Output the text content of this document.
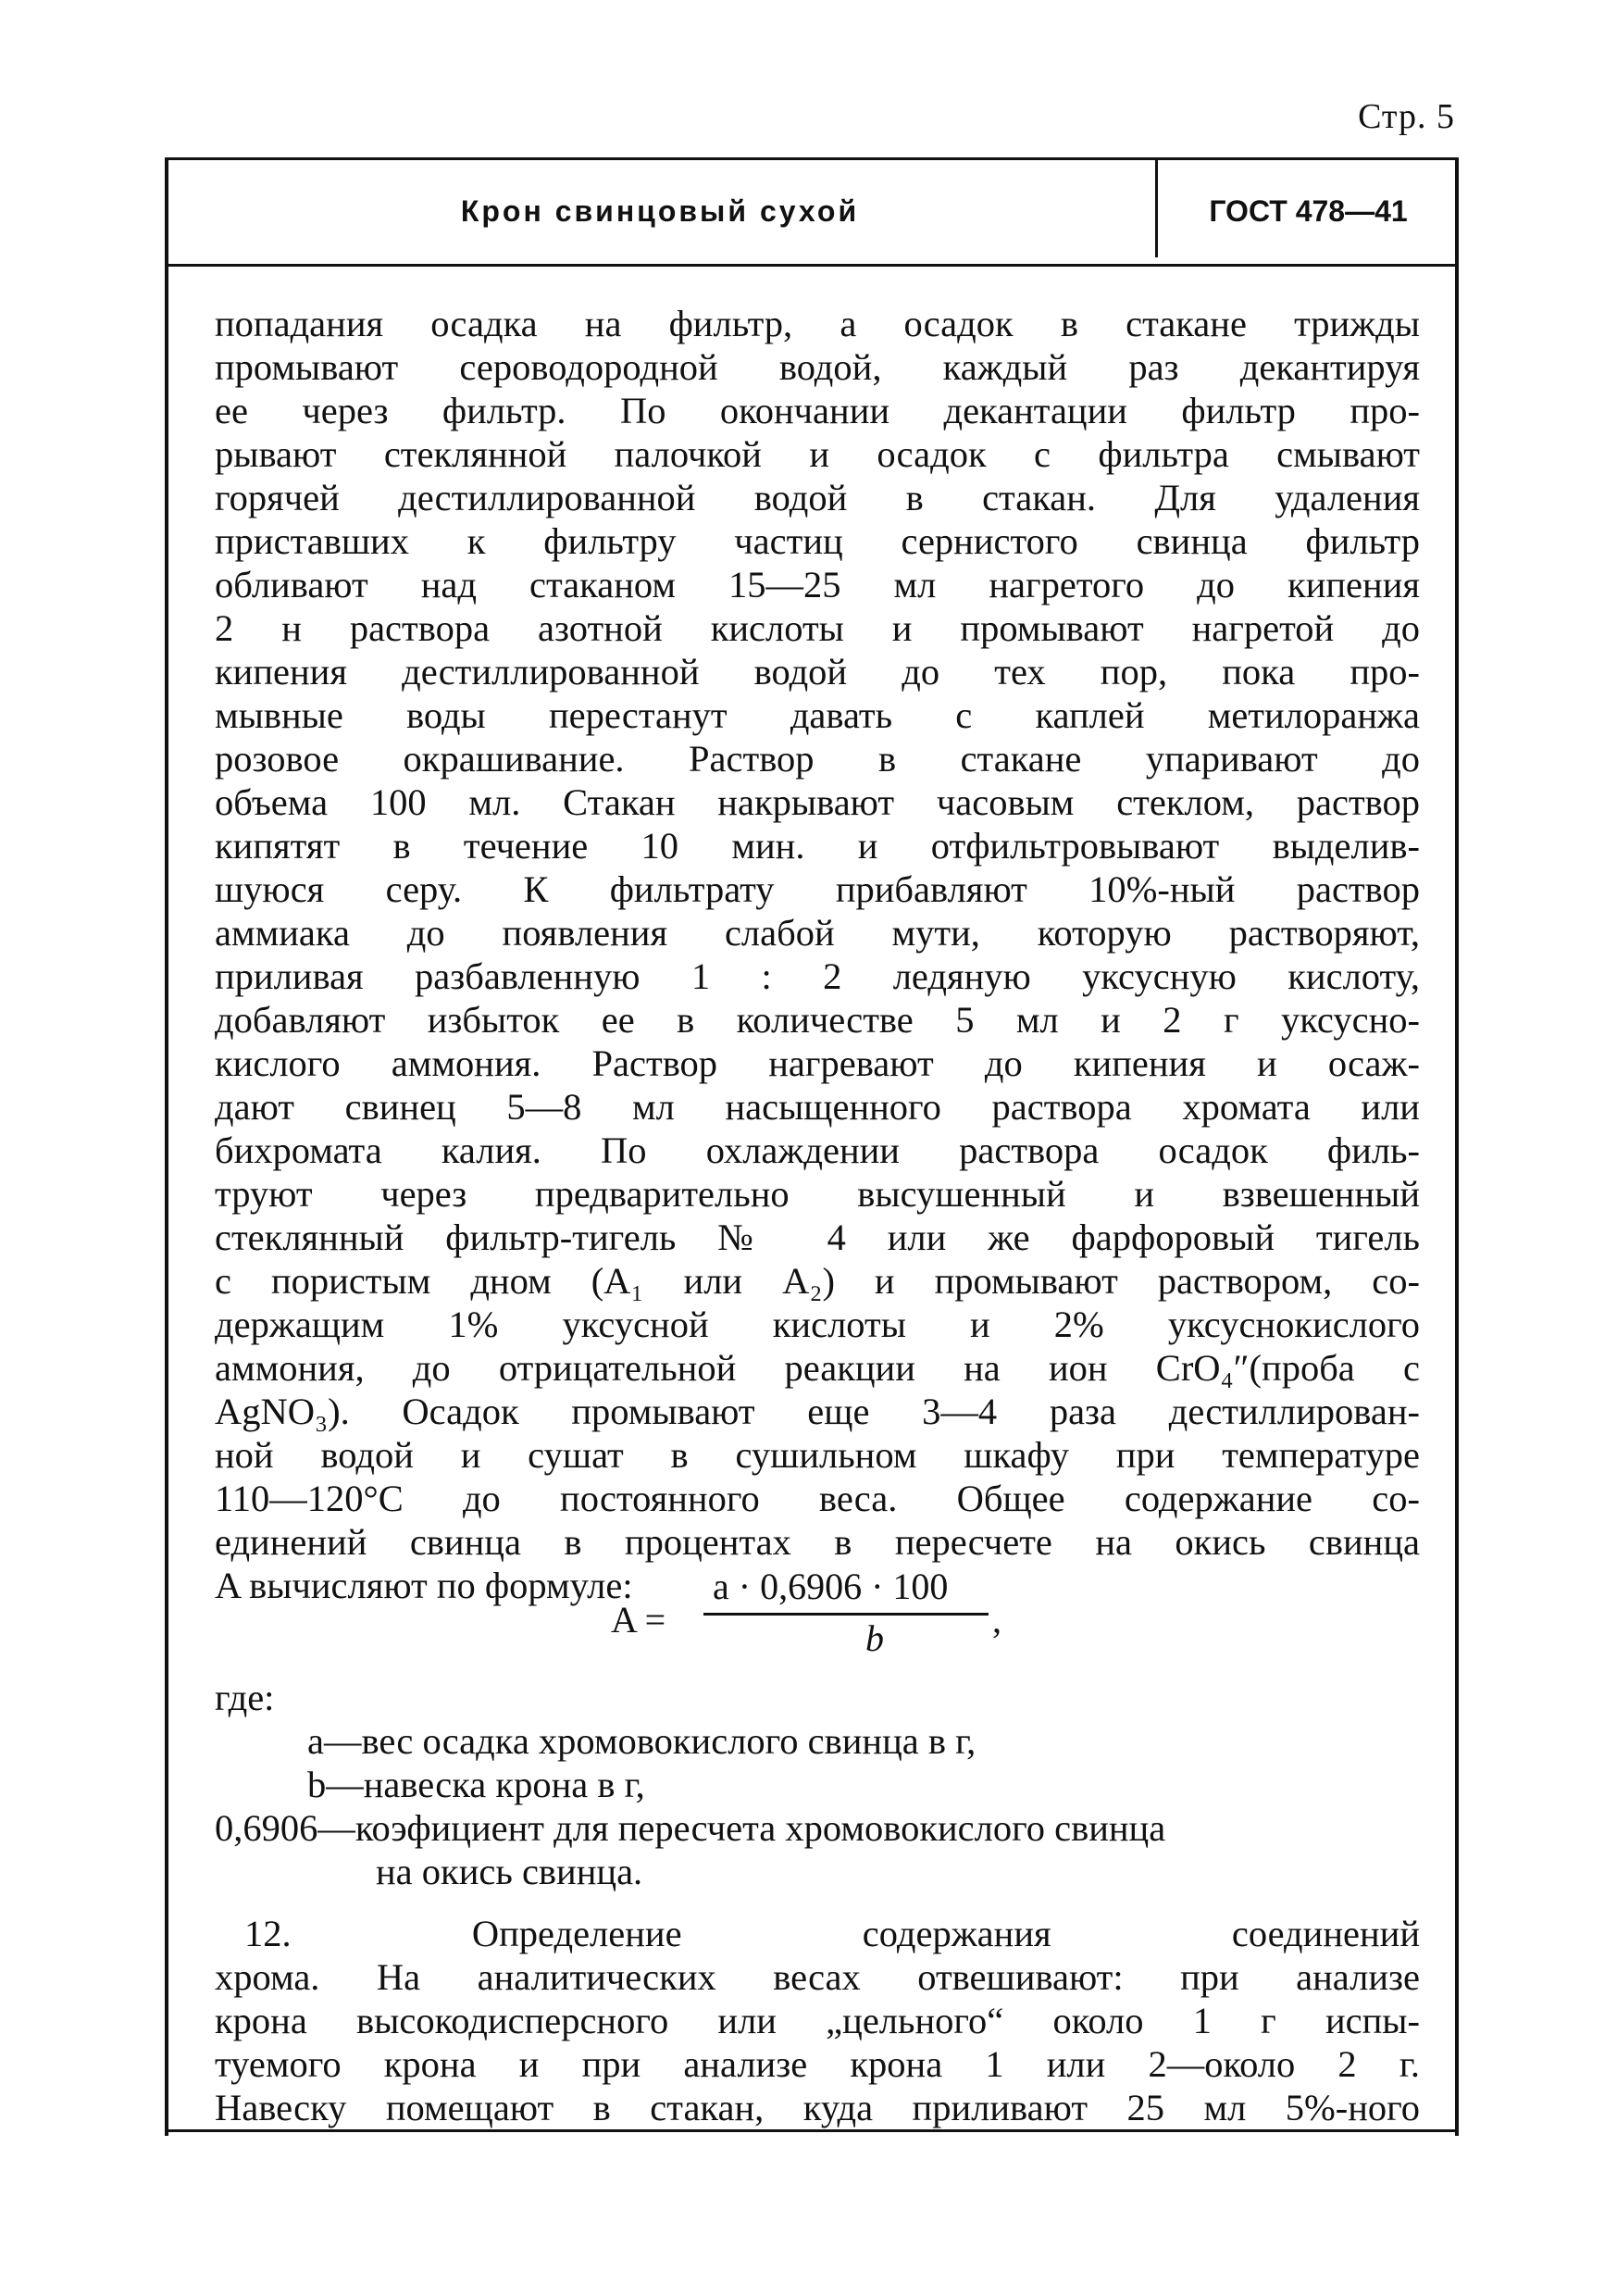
Стр. 5
Крон свинцовый сухой	ГОСТ 478—41
попадания осадка на фильтр, а осадок в стакане трижды
промывают сероводородной водой, каждый раз декантируя
ее через фильтр. По окончании декантации фильтр про-
рывают стеклянной палочкой и осадок с фильтра смывают
горячей дестиллированной водой в стакан. Для удаления
приставших к фильтру частиц сернистого свинца фильтр
обливают над стаканом 15—25 мл нагретого до кипения
2 н раствора азотной кислоты и промывают нагретой до
кипения дестиллированной водой до тех пор, пока про-
мывные воды перестанут давать с каплей метилоранжа
розовое окрашивание. Раствор в стакане упаривают до
объема 100 мл. Стакан накрывают часовым стеклом, раствор
кипятят в течение 10 мин. и отфильтровывают выделив-
шуюся серу. К фильтрату прибавляют 10%-ный раствор
аммиака до появления слабой мути, которую растворяют,
приливая разбавленную 1 : 2 ледяную уксусную кислоту,
добавляют избыток ее в количестве 5 мл и 2 г уксусно-
кислого аммония. Раствор нагревают до кипения и осаж-
дают свинец 5—8 мл насыщенного раствора хромата или
бихромата калия. По охлаждении раствора осадок филь-
труют через предварительно высушенный и взвешенный
стеклянный фильтр-тигель № 4 или же фарфоровый тигель
с пористым дном (A₁ или A₂) и промывают раствором, со-
держащим 1% уксусной кислоты и 2% уксуснокислого
аммония, до отрицательной реакции на ион CrO₄″(проба с
AgNO₃). Осадок промывают еще 3—4 раза дестиллирован-
ной водой и сушат в сушильном шкафу при температуре
110—120°C до постоянного веса. Общее содержание со-
единений свинца в процентах в пересчете на окись свинца
A вычисляют по формуле:
A =
a · 0,6906 · 100
b	,
где:
a—вес осадка хромовокислого свинца в г,
b—навеска крона в г,
0,6906—коэфициент для пересчета хромовокислого свинца
на окись свинца.
12. Определение содержания соединений
хрома. На аналитических весах отвешивают: при анализе
крона высокодисперсного или „цельного“ около 1 г испы-
туемого крона и при анализе крона 1 или 2—около 2 г.
Навеску помещают в стакан, куда приливают 25 мл 5%-ного
